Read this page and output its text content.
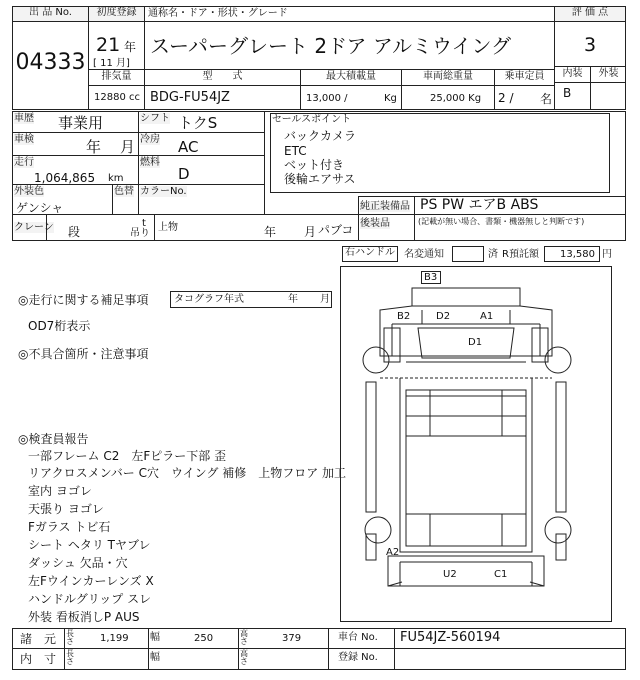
出 品 No.
04333
初度登録	通称名・ドア・形状・グレード
21 年
[ 11 月]
スーパーグレート 2ドア アルミウイング
排気量	型　　式	最大積載量	車両総重量	乗車定員
12880 cc BDG-FU54JZ	13,000 /	Kg	25,000 Kg 2 / 名
評 価 点
3
内装	外装
B
車歴 事業用	シフト トクS
車検	年 月 冷房 AC
走行
1,064,865 km
燃料
D
外装色
ゲンシャ
色替 カラーNo.
セールスポイント
バックカメラ
ETC
ベット付き
後輪エアサス
純正装備品 PS PW エアB ABS
後装品	(記載が無い場合、書類・機器無しと判断です)
クレーン 段
t
吊り
上物	年 月 パブコ
右ハンドル 名変通知	済 R預託額 13,580 円
◎走行に関する補足事項	タコグラフ年式	年 月
OD7桁表示
◎不具合箇所・注意事項
◎検査員報告
一部フレーム C2　左Fピラー下部 歪
リアクロスメンバー C穴　ウイング 補修　上物フロア 加工
室内 ヨゴレ
天張り ヨゴレ
Fガラス トビ石
シート ヘタリ Tヤブレ
ダッシュ 欠品・穴
左Fウインカーレンズ X
ハンドルグリップ スレ
外装 看板消しP AUS
B3
B2	D2	A1
D1
A2
U2	C1
諸　元 長さ	1,199 幅	250	高さ	379	車台 No. FU54JZ-560194
内　寸 長さ	幅	高さ	登録 No.
